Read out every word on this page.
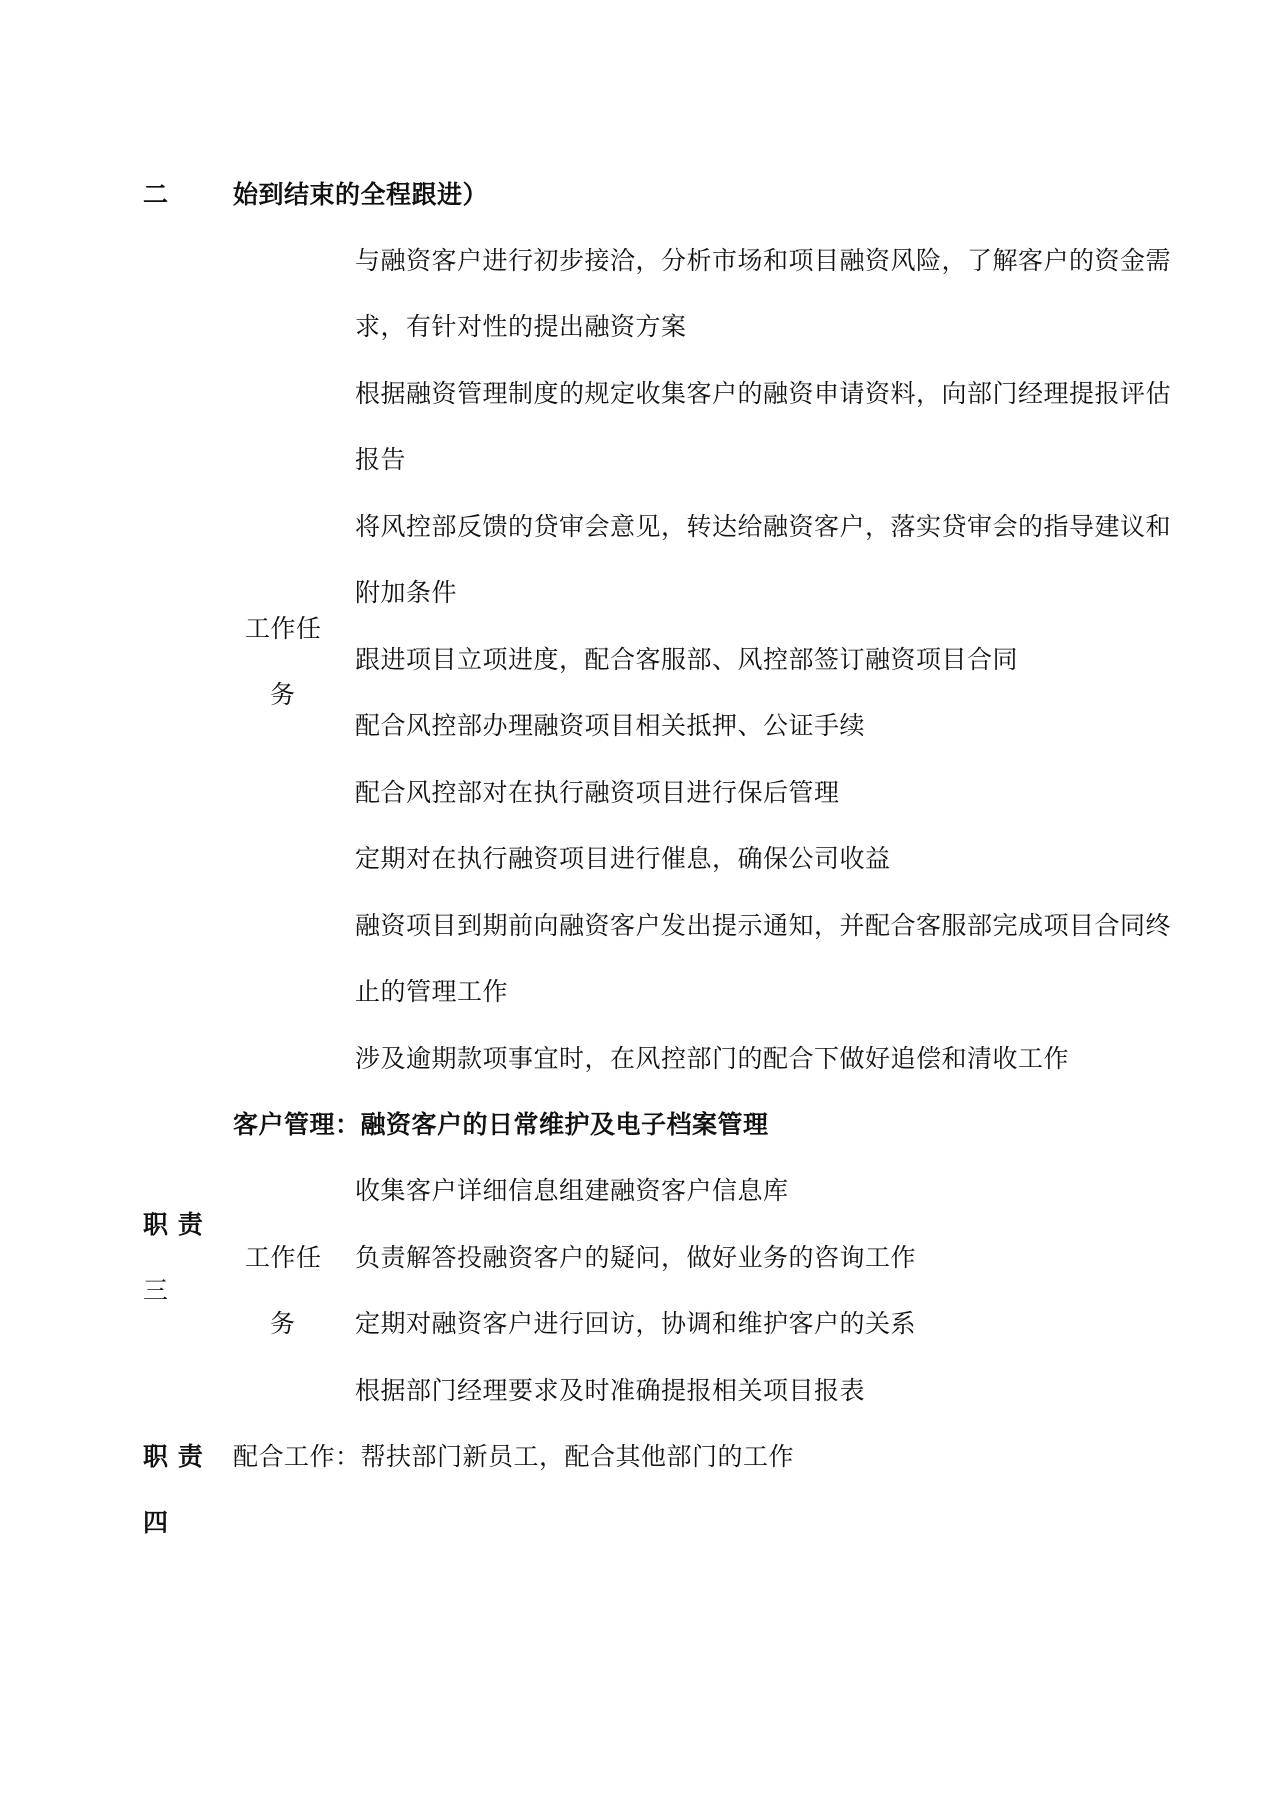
二	始到结束的全程跟进）
工作任
务
与融资客户进行初步接洽，分析市场和项目融资风险，了解客户的资金需
求，有针对性的提出融资方案
根据融资管理制度的规定收集客户的融资申请资料，向部门经理提报评估
报告
将风控部反馈的贷审会意见，转达给融资客户，落实贷审会的指导建议和
附加条件
跟进项目立项进度，配合客服部、风控部签订融资项目合同
配合风控部办理融资项目相关抵押、公证手续
配合风控部对在执行融资项目进行保后管理
定期对在执行融资项目进行催息，确保公司收益
融资项目到期前向融资客户发出提示通知，并配合客服部完成项目合同终
止的管理工作
涉及逾期款项事宜时，在风控部门的配合下做好追偿和清收工作
客户管理：融资客户的日常维护及电子档案管理
职 责
三
工作任
务
收集客户详细信息组建融资客户信息库
负责解答投融资客户的疑问，做好业务的咨询工作
定期对融资客户进行回访，协调和维护客户的关系
根据部门经理要求及时准确提报相关项目报表
职 责 配合工作：帮扶部门新员工，配合其他部门的工作
四
